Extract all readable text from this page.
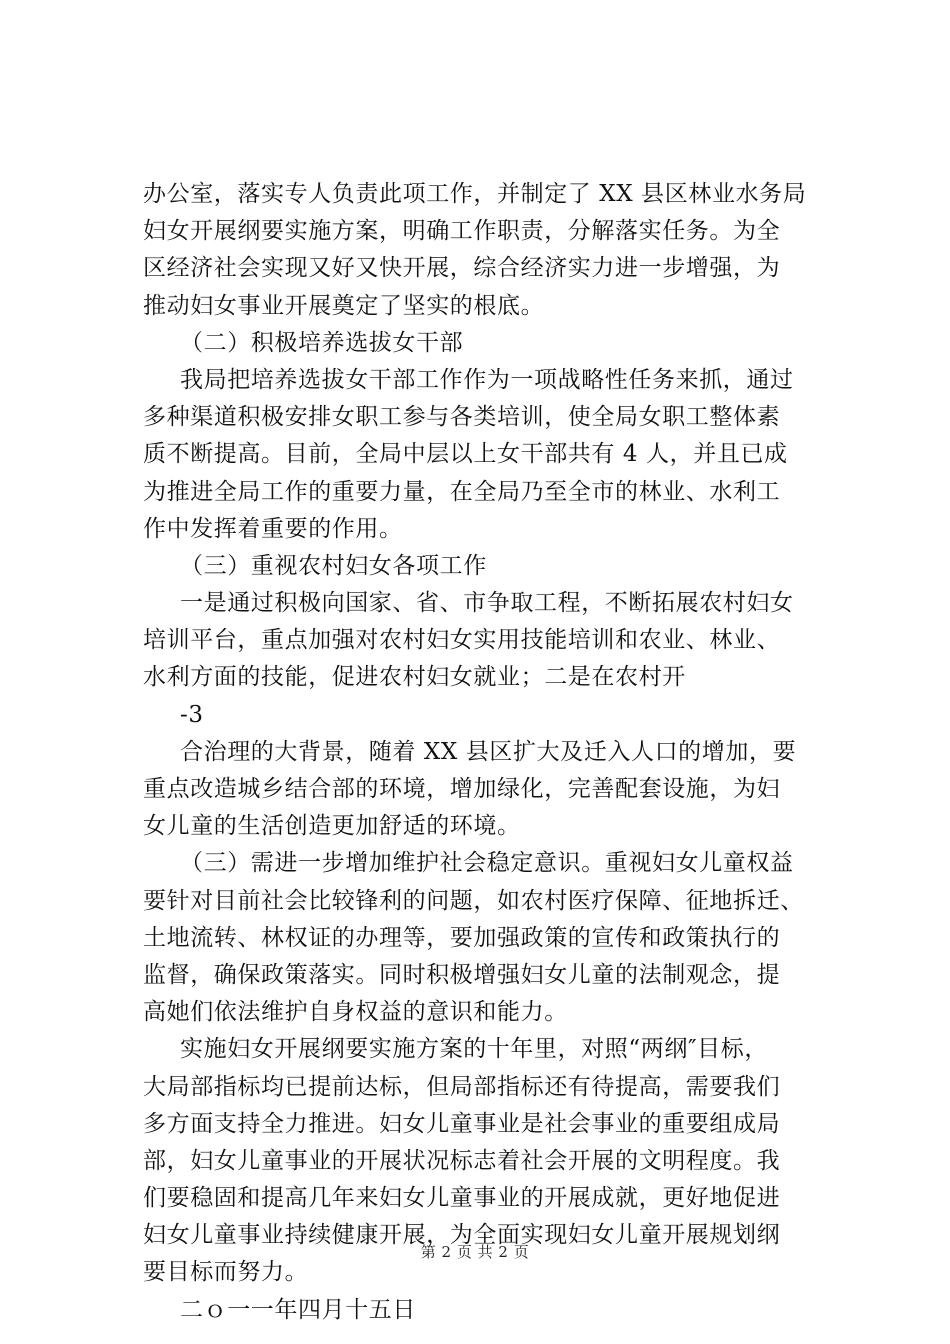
办公室，落实专人负责此项工作，并制定了 XX 县区林业水务局
妇女开展纲要实施方案，明确工作职责，分解落实任务。为全
区经济社会实现又好又快开展，综合经济实力进一步增强，为
推动妇女事业开展奠定了坚实的根底。
（二）积极培养选拔女干部
我局把培养选拔女干部工作作为一项战略性任务来抓，通过
多种渠道积极安排女职工参与各类培训，使全局女职工整体素
质不断提高。目前，全局中层以上女干部共有 4 人，并且已成
为推进全局工作的重要力量，在全局乃至全市的林业、水利工
作中发挥着重要的作用。
（三）重视农村妇女各项工作
一是通过积极向国家、省、市争取工程，不断拓展农村妇女
培训平台，重点加强对农村妇女实用技能培训和农业、林业、
水利方面的技能，促进农村妇女就业；二是在农村开
-3
合治理的大背景，随着 XX 县区扩大及迁入人口的增加，要
重点改造城乡结合部的环境，增加绿化，完善配套设施，为妇
女儿童的生活创造更加舒适的环境。
（三）需进一步增加维护社会稳定意识。重视妇女儿童权益
要针对目前社会比较锋利的问题，如农村医疗保障、征地拆迁、
土地流转、林权证的办理等，要加强政策的宣传和政策执行的
监督，确保政策落实。同时积极增强妇女儿童的法制观念，提
高她们依法维护自身权益的意识和能力。
实施妇女开展纲要实施方案的十年里，对照“两纲″目标，
大局部指标均已提前达标，但局部指标还有待提高，需要我们
多方面支持全力推进。妇女儿童事业是社会事业的重要组成局
部，妇女儿童事业的开展状况标志着社会开展的文明程度。我
们要稳固和提高几年来妇女儿童事业的开展成就，更好地促进
妇女儿童事业持续健康开展，为全面实现妇女儿童开展规划纲
要目标而努力。
二ｏ一一年四月十五日
第 2 页 共 2 页
